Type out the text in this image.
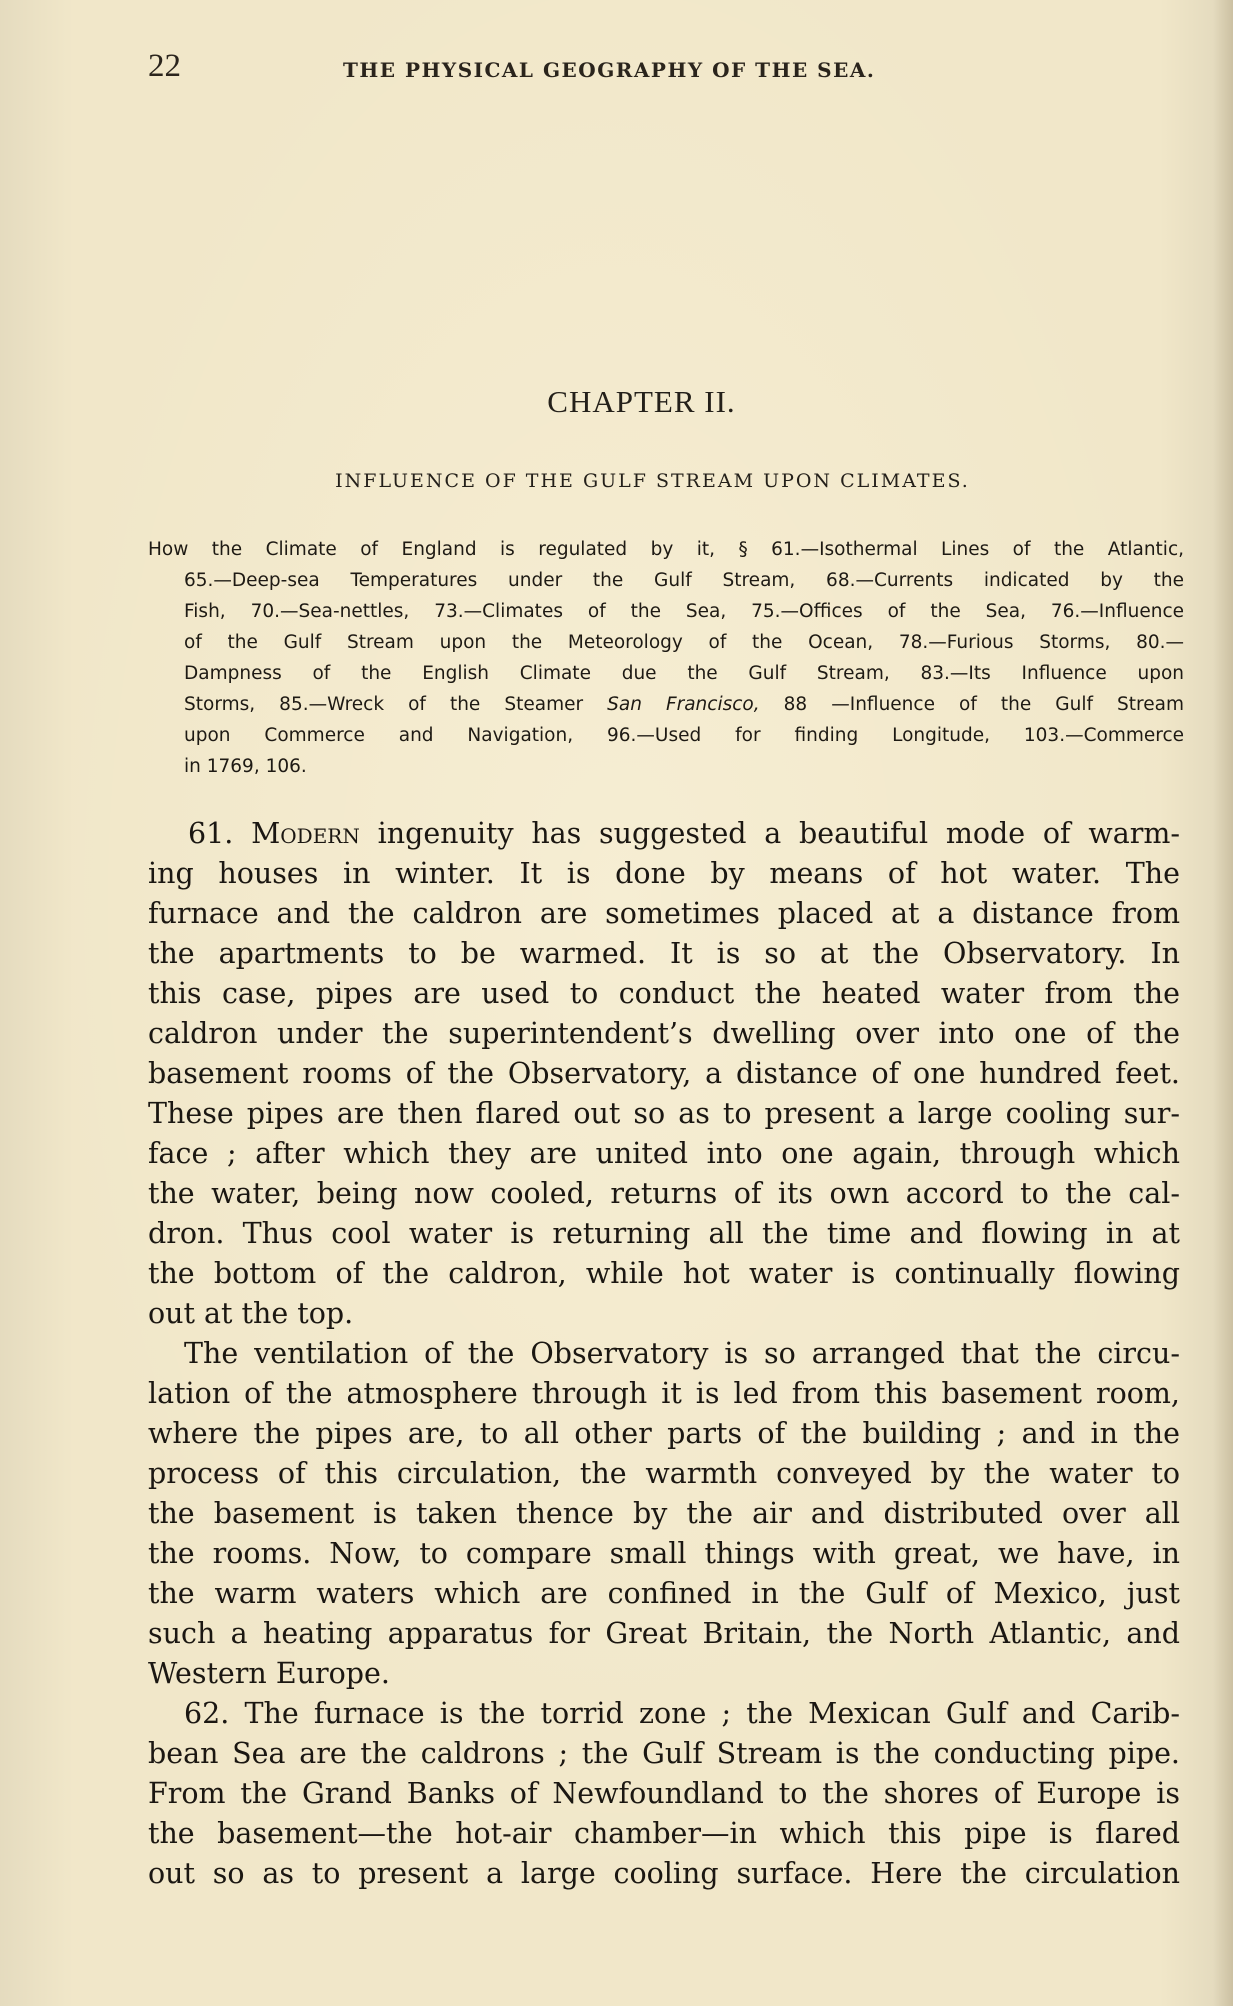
22	THE PHYSICAL GEOGRAPHY OF THE SEA.
CHAPTER II.
INFLUENCE OF THE GULF STREAM UPON CLIMATES.
How the Climate of England is regulated by it, § 61.—Isothermal Lines of the Atlantic,
65.—Deep-sea Temperatures under the Gulf Stream, 68.—Currents indicated by the
Fish, 70.—Sea-nettles, 73.—Climates of the Sea, 75.—Offices of the Sea, 76.—Influence
of the Gulf Stream upon the Meteorology of the Ocean, 78.—Furious Storms, 80.—
Dampness of the English Climate due the Gulf Stream, 83.—Its Influence upon
Storms, 85.—Wreck of the Steamer San Francisco, 88 —Influence of the Gulf Stream
upon Commerce and Navigation, 96.—Used for finding Longitude, 103.—Commerce
in 1769, 106.
61. Modern ingenuity has suggested a beautiful mode of warm-
ing houses in winter. It is done by means of hot water. The
furnace and the caldron are sometimes placed at a distance from
the apartments to be warmed. It is so at the Observatory. In
this case, pipes are used to conduct the heated water from the
caldron under the superintendent’s dwelling over into one of the
basement rooms of the Observatory, a distance of one hundred feet.
These pipes are then flared out so as to present a large cooling sur-
face ; after which they are united into one again, through which
the water, being now cooled, returns of its own accord to the cal-
dron. Thus cool water is returning all the time and flowing in at
the bottom of the caldron, while hot water is continually flowing
out at the top.
The ventilation of the Observatory is so arranged that the circu-
lation of the atmosphere through it is led from this basement room,
where the pipes are, to all other parts of the building ; and in the
process of this circulation, the warmth conveyed by the water to
the basement is taken thence by the air and distributed over all
the rooms. Now, to compare small things with great, we have, in
the warm waters which are confined in the Gulf of Mexico, just
such a heating apparatus for Great Britain, the North Atlantic, and
Western Europe.
62. The furnace is the torrid zone ; the Mexican Gulf and Carib-
bean Sea are the caldrons ; the Gulf Stream is the conducting pipe.
From the Grand Banks of Newfoundland to the shores of Europe is
the basement—the hot-air chamber—in which this pipe is flared
out so as to present a large cooling surface. Here the circulation
